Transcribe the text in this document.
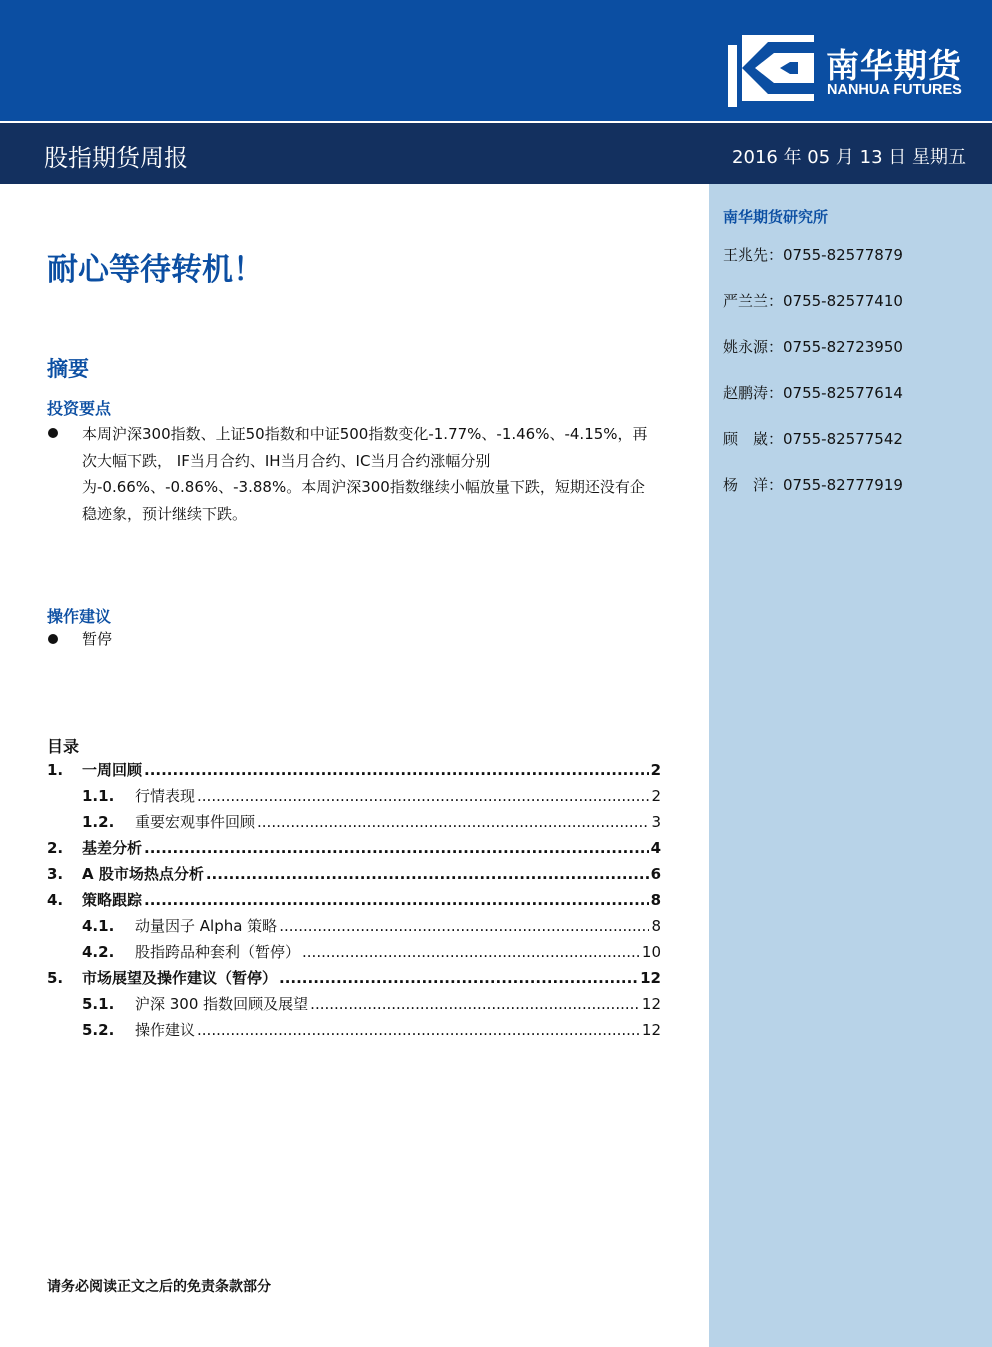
南华期货
NANHUA FUTURES
股指期货周报	2016 年 05 月 13 日 星期五
南华期货研究所
王兆先：0755-82577879
严兰兰：0755-82577410
姚永源：0755-82723950
赵鹏涛：0755-82577614
顾　崴：0755-82577542
杨　洋：0755-82777919
耐心等待转机！
摘要
投资要点
本周沪深300指数、上证50指数和中证500指数变化-1.77%、-1.46%、-4.15%，再次大幅下跌， IF当月合约、IH当月合约、IC当月合约涨幅分别为-0.66%、-0.86%、-3.88%。本周沪深300指数继续小幅放量下跌，短期还没有企稳迹象，预计继续下跌。
操作建议
暂停
目录
1.	一周回顾 .....	2
1.1.	行情表现 .....	2
1.2.	重要宏观事件回顾 .....	3
2.	基差分析 .....	4
3.	A 股市场热点分析 .....	6
4.	策略跟踪 .....	8
4.1.	动量因子 Alpha 策略 .....	8
4.2.	股指跨品种套利（暂停） .....	10
5.	市场展望及操作建议（暂停） .....	12
5.1.	沪深 300 指数回顾及展望 .....	12
5.2.	操作建议 .....	12
请务必阅读正文之后的免责条款部分
